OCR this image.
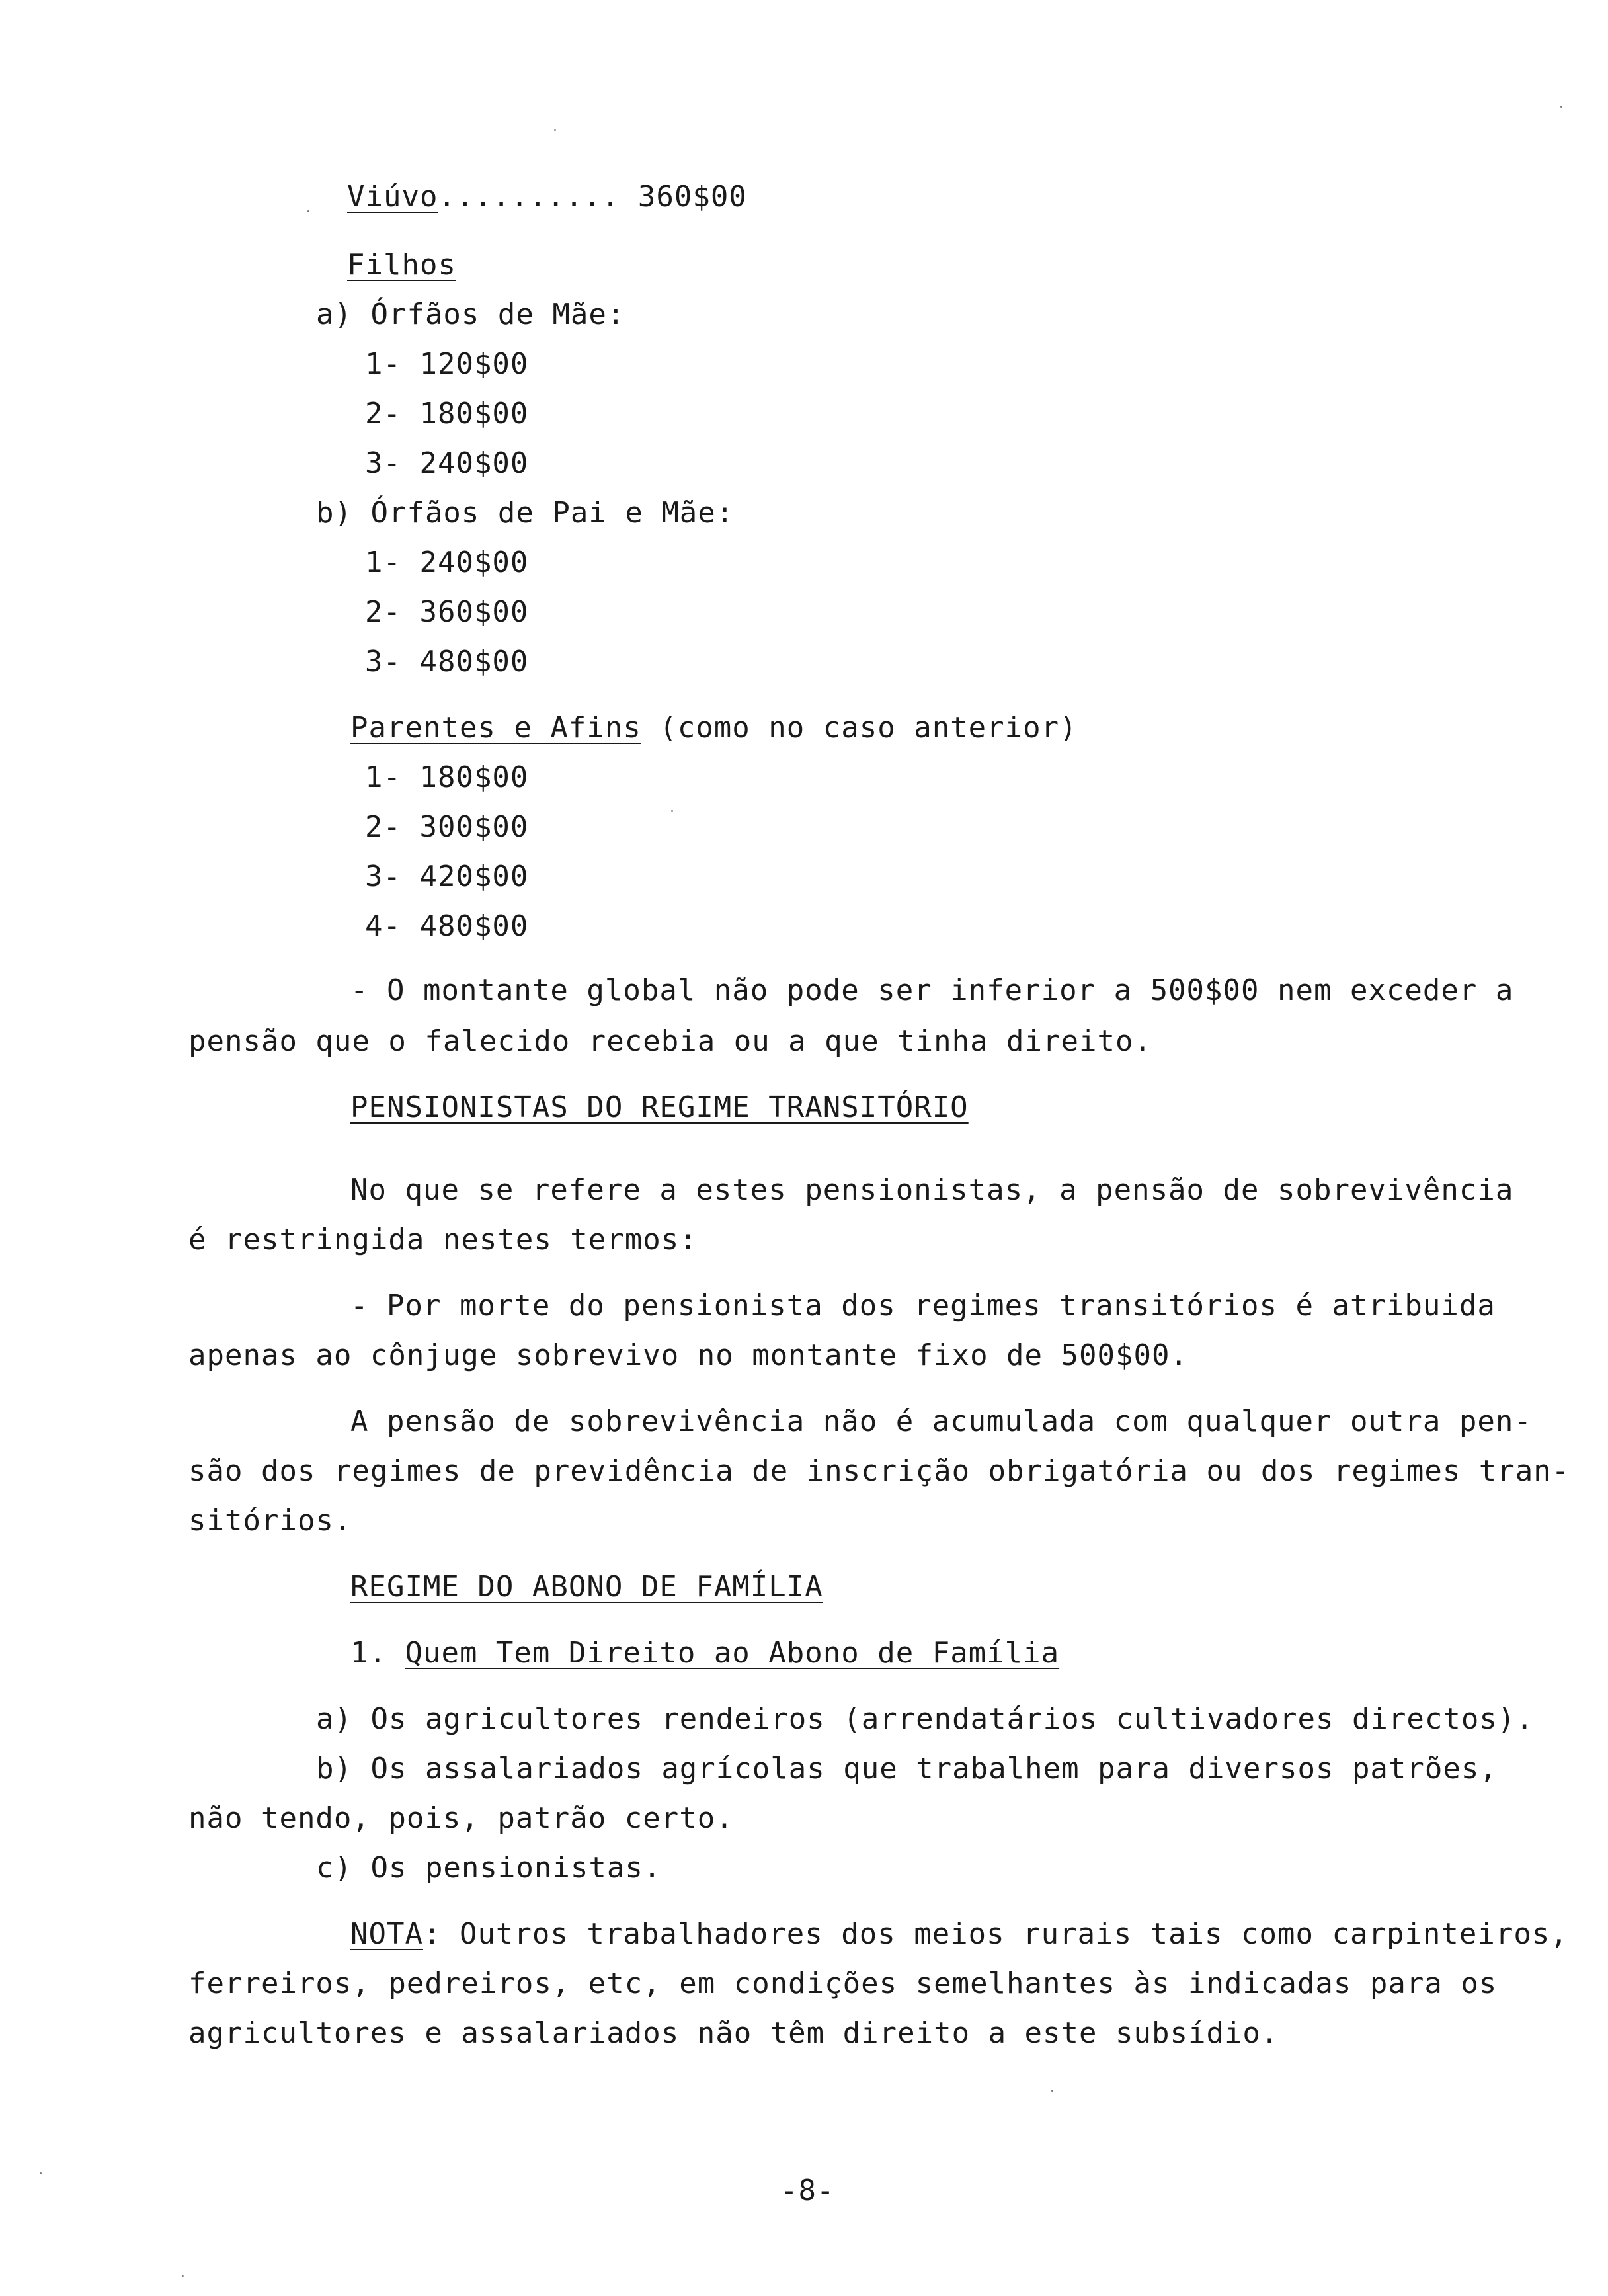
Viúvo.......... 360$00
Filhos
a) Órfãos de Mãe:
1- 120$00
2- 180$00
3- 240$00
b) Órfãos de Pai e Mãe:
1- 240$00
2- 360$00
3- 480$00
Parentes e Afins (como no caso anterior)
1- 180$00
2- 300$00
3- 420$00
4- 480$00
- O montante global não pode ser inferior a 500$00 nem exceder a
pensão que o falecido recebia ou a que tinha direito.
PENSIONISTAS DO REGIME TRANSITÓRIO
No que se refere a estes pensionistas, a pensão de sobrevivência
é restringida nestes termos:
- Por morte do pensionista dos regimes transitórios é atribuida
apenas ao cônjuge sobrevivo no montante fixo de 500$00.
A pensão de sobrevivência não é acumulada com qualquer outra pen-
são dos regimes de previdência de inscrição obrigatória ou dos regimes tran-
sitórios.
REGIME DO ABONO DE FAMÍLIA
1. Quem Tem Direito ao Abono de Família
a) Os agricultores rendeiros (arrendatários cultivadores directos).
b) Os assalariados agrícolas que trabalhem para diversos patrões,
não tendo, pois, patrão certo.
c) Os pensionistas.
NOTA: Outros trabalhadores dos meios rurais tais como carpinteiros,
ferreiros, pedreiros, etc, em condições semelhantes às indicadas para os
agricultores e assalariados não têm direito a este subsídio.
-8-
